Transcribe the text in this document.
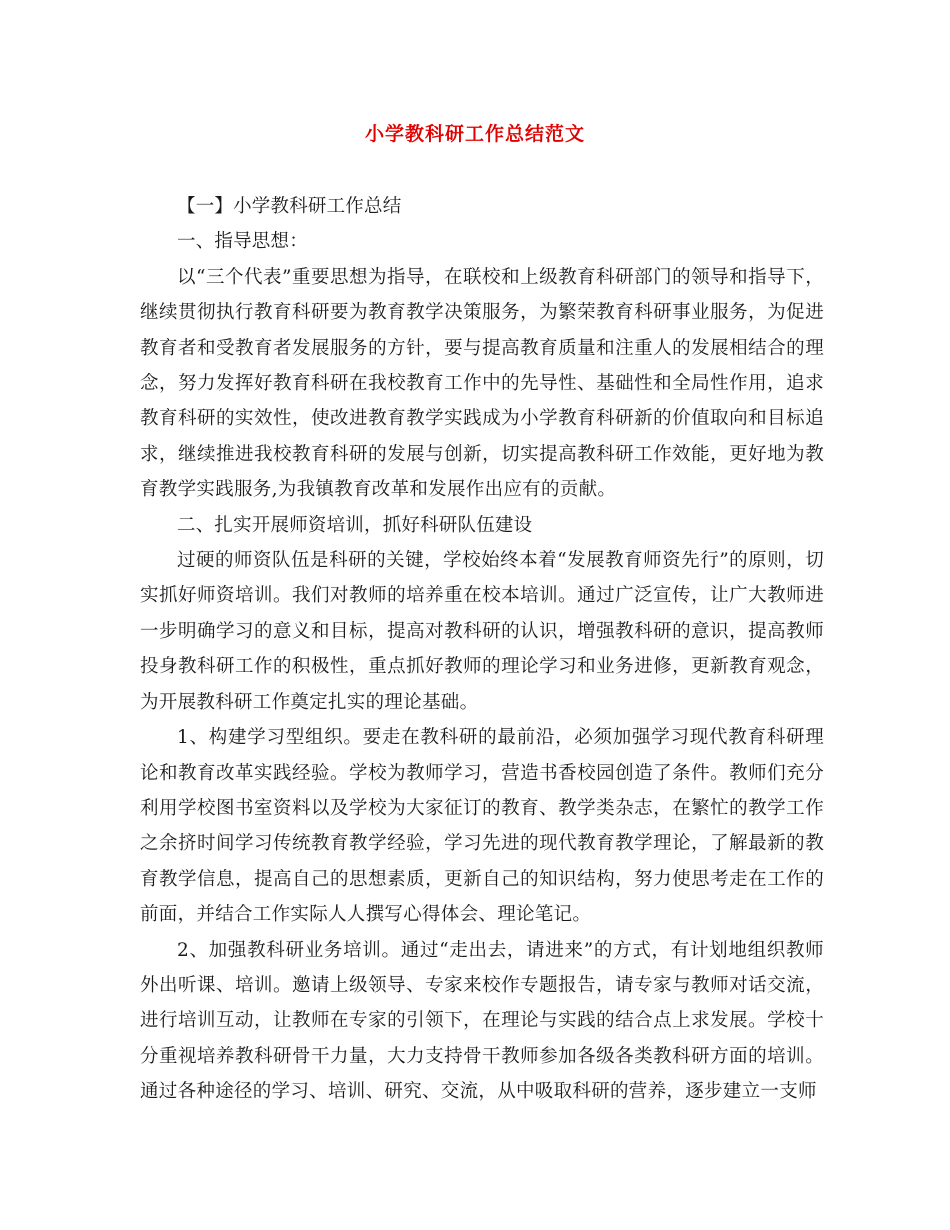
小学教科研工作总结范文

【一】小学教科研工作总结

一、指导思想：

以“三个代表”重要思想为指导，在联校和上级教育科研部门的领导和指导下，继续贯彻执行教育科研要为教育教学决策服务，为繁荣教育科研事业服务，为促进教育者和受教育者发展服务的方针，要与提高教育质量和注重人的发展相结合的理念，努力发挥好教育科研在我校教育工作中的先导性、基础性和全局性作用，追求教育科研的实效性，使改进教育教学实践成为小学教育科研新的价值取向和目标追求，继续推进我校教育科研的发展与创新，切实提高教科研工作效能，更好地为教育教学实践服务,为我镇教育改革和发展作出应有的贡献。

二、扎实开展师资培训，抓好科研队伍建设

过硬的师资队伍是科研的关键，学校始终本着“发展教育师资先行”的原则，切实抓好师资培训。我们对教师的培养重在校本培训。通过广泛宣传，让广大教师进一步明确学习的意义和目标，提高对教科研的认识，增强教科研的意识，提高教师投身教科研工作的积极性，重点抓好教师的理论学习和业务进修，更新教育观念，为开展教科研工作奠定扎实的理论基础。

1、构建学习型组织。要走在教科研的最前沿，必须加强学习现代教育科研理论和教育改革实践经验。学校为教师学习，营造书香校园创造了条件。教师们充分利用学校图书室资料以及学校为大家征订的教育、教学类杂志，在繁忙的教学工作之余挤时间学习传统教育教学经验，学习先进的现代教育教学理论，了解最新的教育教学信息，提高自己的思想素质，更新自己的知识结构，努力使思考走在工作的前面，并结合工作实际人人撰写心得体会、理论笔记。

2、加强教科研业务培训。通过“走出去，请进来”的方式，有计划地组织教师外出听课、培训。邀请上级领导、专家来校作专题报告，请专家与教师对话交流，进行培训互动，让教师在专家的引领下，在理论与实践的结合点上求发展。学校十分重视培养教科研骨干力量，大力支持骨干教师参加各级各类教科研方面的培训。通过各种途径的学习、培训、研究、交流，从中吸取科研的营养，逐步建立一支师
